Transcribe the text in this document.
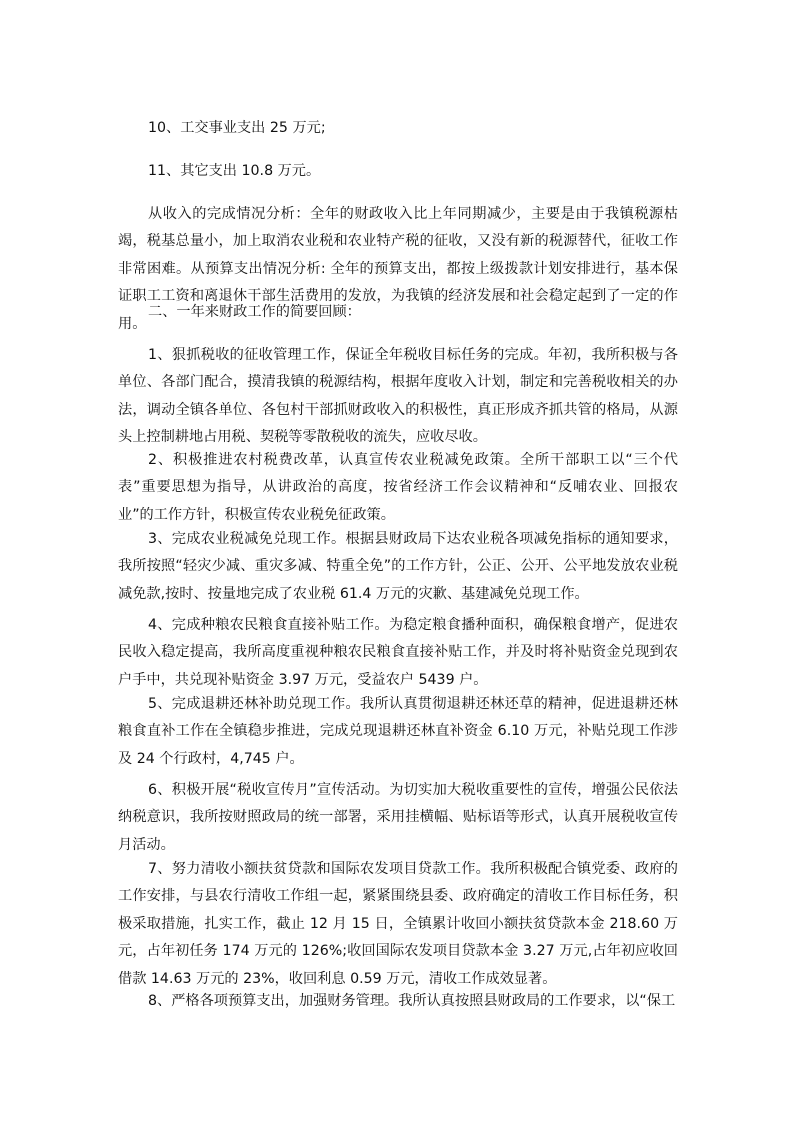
10、工交事业支出 25 万元;

11、其它支出 10.8 万元。

从收入的完成情况分析：全年的财政收入比上年同期减少，主要是由于我镇税源枯竭，税基总量小，加上取消农业税和农业特产税的征收，又没有新的税源替代，征收工作非常困难。从预算支出情况分析: 全年的预算支出，都按上级拨款计划安排进行，基本保证职工工资和离退休干部生活费用的发放，为我镇的经济发展和社会稳定起到了一定的作用。

二、一年来财政工作的简要回顾：

1、狠抓税收的征收管理工作，保证全年税收目标任务的完成。年初，我所积极与各单位、各部门配合，摸清我镇的税源结构，根据年度收入计划，制定和完善税收相关的办法，调动全镇各单位、各包村干部抓财政收入的积极性，真正形成齐抓共管的格局，从源头上控制耕地占用税、契税等零散税收的流失，应收尽收。

2、积极推进农村税费改革，认真宣传农业税减免政策。全所干部职工以“三个代表”重要思想为指导，从讲政治的高度，按省经济工作会议精神和“反哺农业、回报农业”的工作方针，积极宣传农业税免征政策。

3、完成农业税减免兑现工作。根据县财政局下达农业税各项减免指标的通知要求，我所按照“轻灾少减、重灾多减、特重全免”的工作方针，公正、公开、公平地发放农业税减免款,按时、按量地完成了农业税 61.4 万元的灾歉、基建减免兑现工作。

4、完成种粮农民粮食直接补贴工作。为稳定粮食播种面积，确保粮食增产，促进农民收入稳定提高，我所高度重视种粮农民粮食直接补贴工作，并及时将补贴资金兑现到农户手中，共兑现补贴资金 3.97 万元，受益农户 5439 户。

5、完成退耕还林补助兑现工作。我所认真贯彻退耕还林还草的精神，促进退耕还林粮食直补工作在全镇稳步推进，完成兑现退耕还林直补资金 6.10 万元，补贴兑现工作涉及 24 个行政村，4,745 户。

6、积极开展“税收宣传月”宣传活动。为切实加大税收重要性的宣传，增强公民依法纳税意识，我所按财照政局的统一部署，采用挂横幅、贴标语等形式，认真开展税收宣传月活动。

7、努力清收小额扶贫贷款和国际农发项目贷款工作。我所积极配合镇党委、政府的工作安排，与县农行清收工作组一起，紧紧围绕县委、政府确定的清收工作目标任务，积极采取措施，扎实工作，截止 12 月 15 日，全镇累计收回小额扶贫贷款本金 218.60 万元，占年初任务 174 万元的 126%;收回国际农发项目贷款本金 3.27 万元,占年初应收回借款 14.63 万元的 23%，收回利息 0.59 万元，清收工作成效显著。

8、严格各项预算支出，加强财务管理。我所认真按照县财政局的工作要求，以“保工
